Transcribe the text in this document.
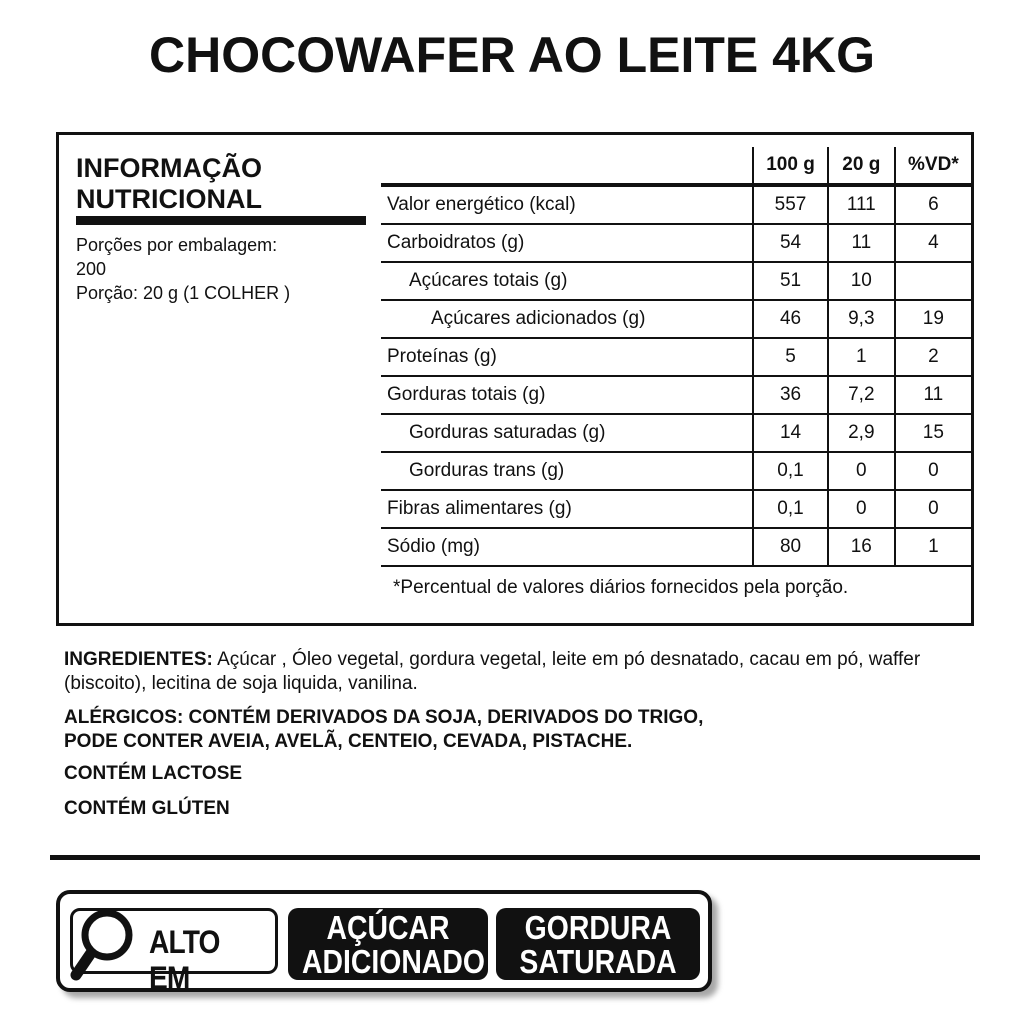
CHOCOWAFER AO LEITE 4KG
INFORMAÇÃO
NUTRICIONAL
Porções por embalagem:
200
Porção: 20 g (1 COLHER )
	100 g	20 g	%VD*
Valor energético (kcal)	557	111	6
Carboidratos (g)	54	11	4
Açúcares totais (g)	51	10	
Açúcares adicionados (g)	46	9,3	19
Proteínas (g)	5	1	2
Gorduras totais (g)	36	7,2	11
Gorduras saturadas (g)	14	2,9	15
Gorduras trans (g)	0,1	0	0
Fibras alimentares (g)	0,1	0	0
Sódio (mg)	80	16	1
*Percentual de valores diários fornecidos pela porção.
INGREDIENTES: Açúcar , Óleo vegetal, gordura vegetal, leite em pó desnatado, cacau em pó, waffer (biscoito), lecitina de soja liquida, vanilina.
ALÉRGICOS: CONTÉM DERIVADOS DA SOJA, DERIVADOS DO TRIGO,
PODE CONTER AVEIA, AVELÃ, CENTEIO, CEVADA, PISTACHE.
CONTÉM LACTOSE
CONTÉM GLÚTEN
ALTO EM
AÇÚCAR
ADICIONADO
GORDURA
SATURADA
